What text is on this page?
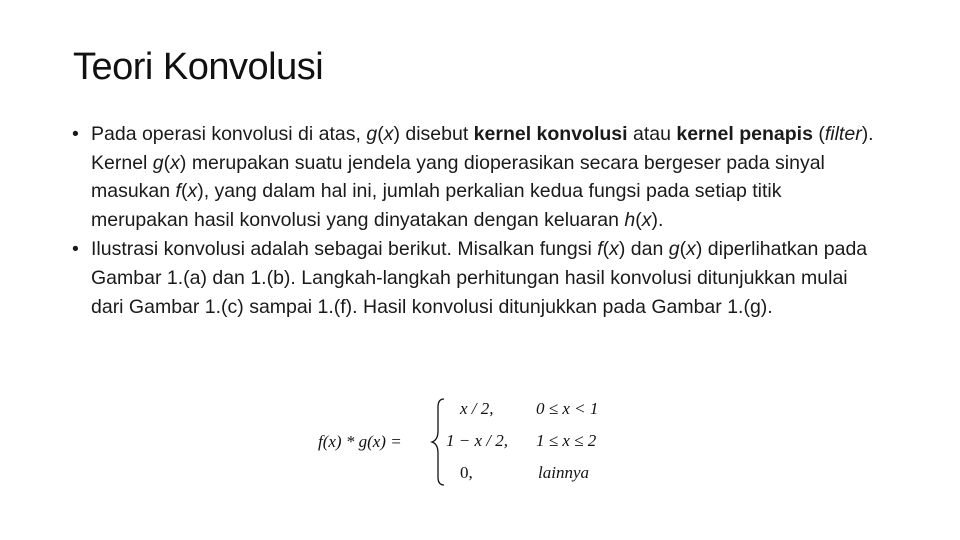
Teori Konvolusi
• Pada operasi konvolusi di atas, g(x) disebut kernel konvolusi atau kernel penapis (filter). Kernel g(x) merupakan suatu jendela yang dioperasikan secara bergeser pada sinyal masukan f(x), yang dalam hal ini, jumlah perkalian kedua fungsi pada setiap titik merupakan hasil konvolusi yang dinyatakan dengan keluaran h(x).
• Ilustrasi konvolusi adalah sebagai berikut. Misalkan fungsi f(x) dan g(x) diperlihatkan pada Gambar 1.(a) dan 1.(b). Langkah-langkah perhitungan hasil konvolusi ditunjukkan mulai dari Gambar 1.(c) sampai 1.(f). Hasil konvolusi ditunjukkan pada Gambar 1.(g).
f(x) * g(x) =
x / 2, 0 ≤ x < 1
1 − x / 2, 1 ≤ x ≤ 2
0,	lainnya
